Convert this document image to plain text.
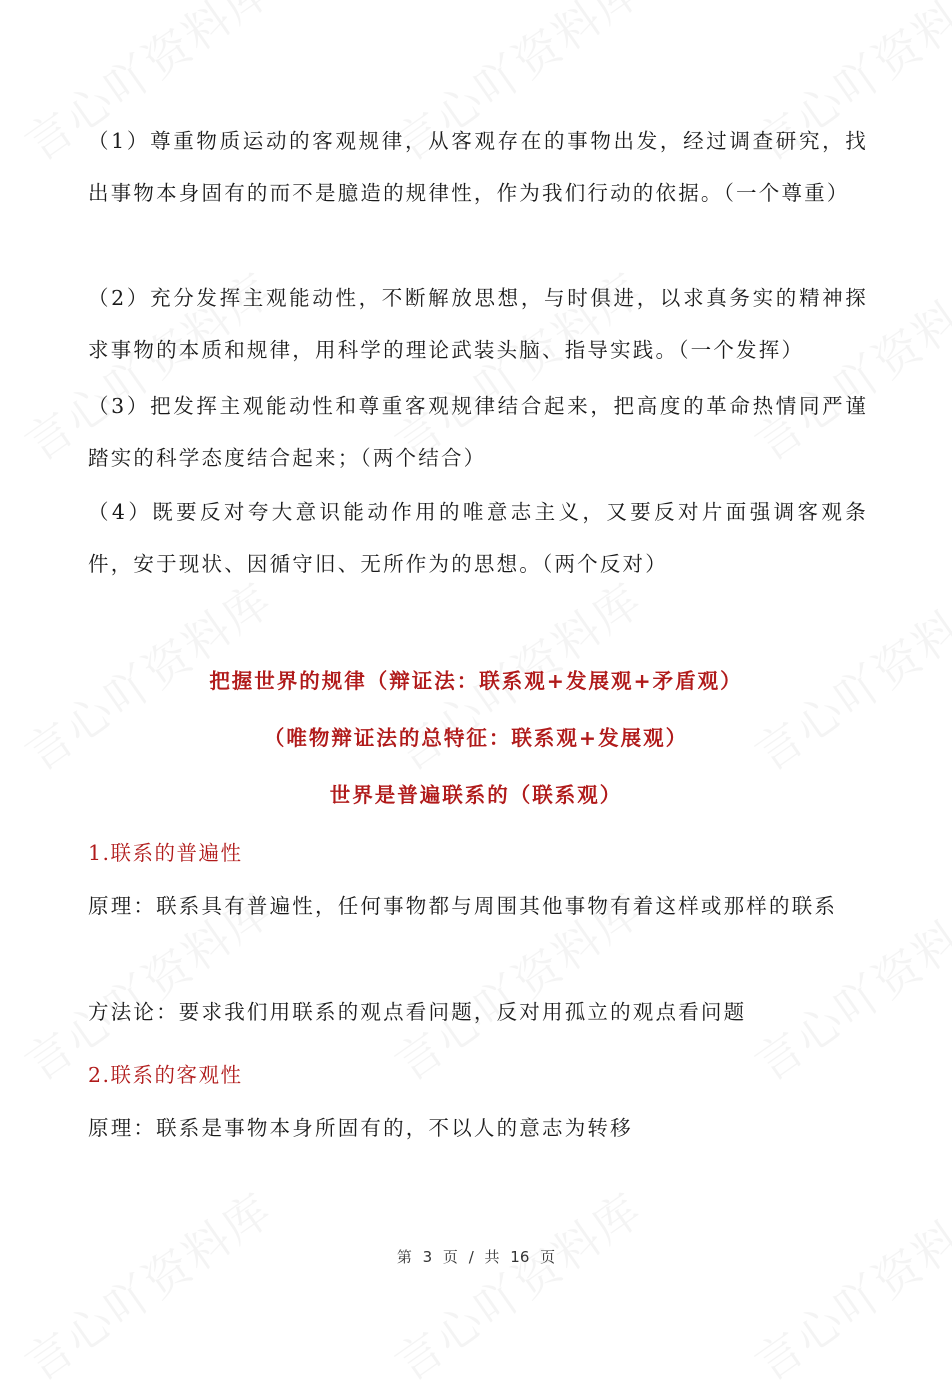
（1）尊重物质运动的客观规律，从客观存在的事物出发，经过调查研究，找出事物本身固有的而不是臆造的规律性，作为我们行动的依据。（一个尊重）

（2）充分发挥主观能动性，不断解放思想，与时俱进，以求真务实的精神探求事物的本质和规律，用科学的理论武装头脑、指导实践。（一个发挥）

（3）把发挥主观能动性和尊重客观规律结合起来，把高度的革命热情同严谨踏实的科学态度结合起来；（两个结合）

（4）既要反对夸大意识能动作用的唯意志主义，又要反对片面强调客观条件，安于现状、因循守旧、无所作为的思想。（两个反对）

把握世界的规律（辩证法：联系观+发展观+矛盾观）
（唯物辩证法的总特征：联系观+发展观）
世界是普遍联系的（联系观）
1.联系的普遍性

原理：联系具有普遍性，任何事物都与周围其他事物有着这样或那样的联系

方法论：要求我们用联系的观点看问题，反对用孤立的观点看问题

2.联系的客观性

原理：联系是事物本身所固有的，不以人的意志为转移

第 3 页 / 共 16 页
